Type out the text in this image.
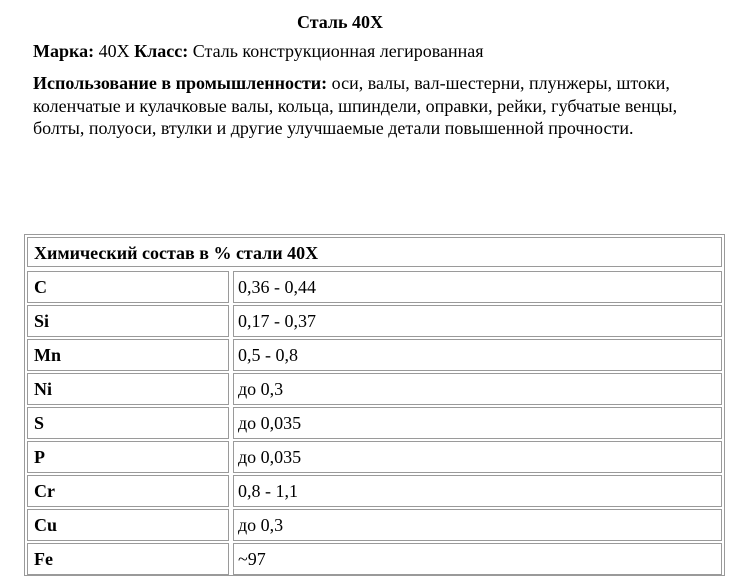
Сталь 40Х
Марка: 40Х Класс: Сталь конструкционная легированная
Использование в промышленности: оси, валы, вал-шестерни, плунжеры, штоки, коленчатые и кулачковые валы, кольца, шпиндели, оправки, рейки, губчатые венцы, болты, полуоси, втулки и другие улучшаемые детали повышенной прочности.
Химический состав в % стали 40Х
C	0,36 - 0,44
Si	0,17 - 0,37
Mn	0,5 - 0,8
Ni	до 0,3
S	до 0,035
P	до 0,035
Cr	0,8 - 1,1
Cu	до 0,3
Fe	~97
